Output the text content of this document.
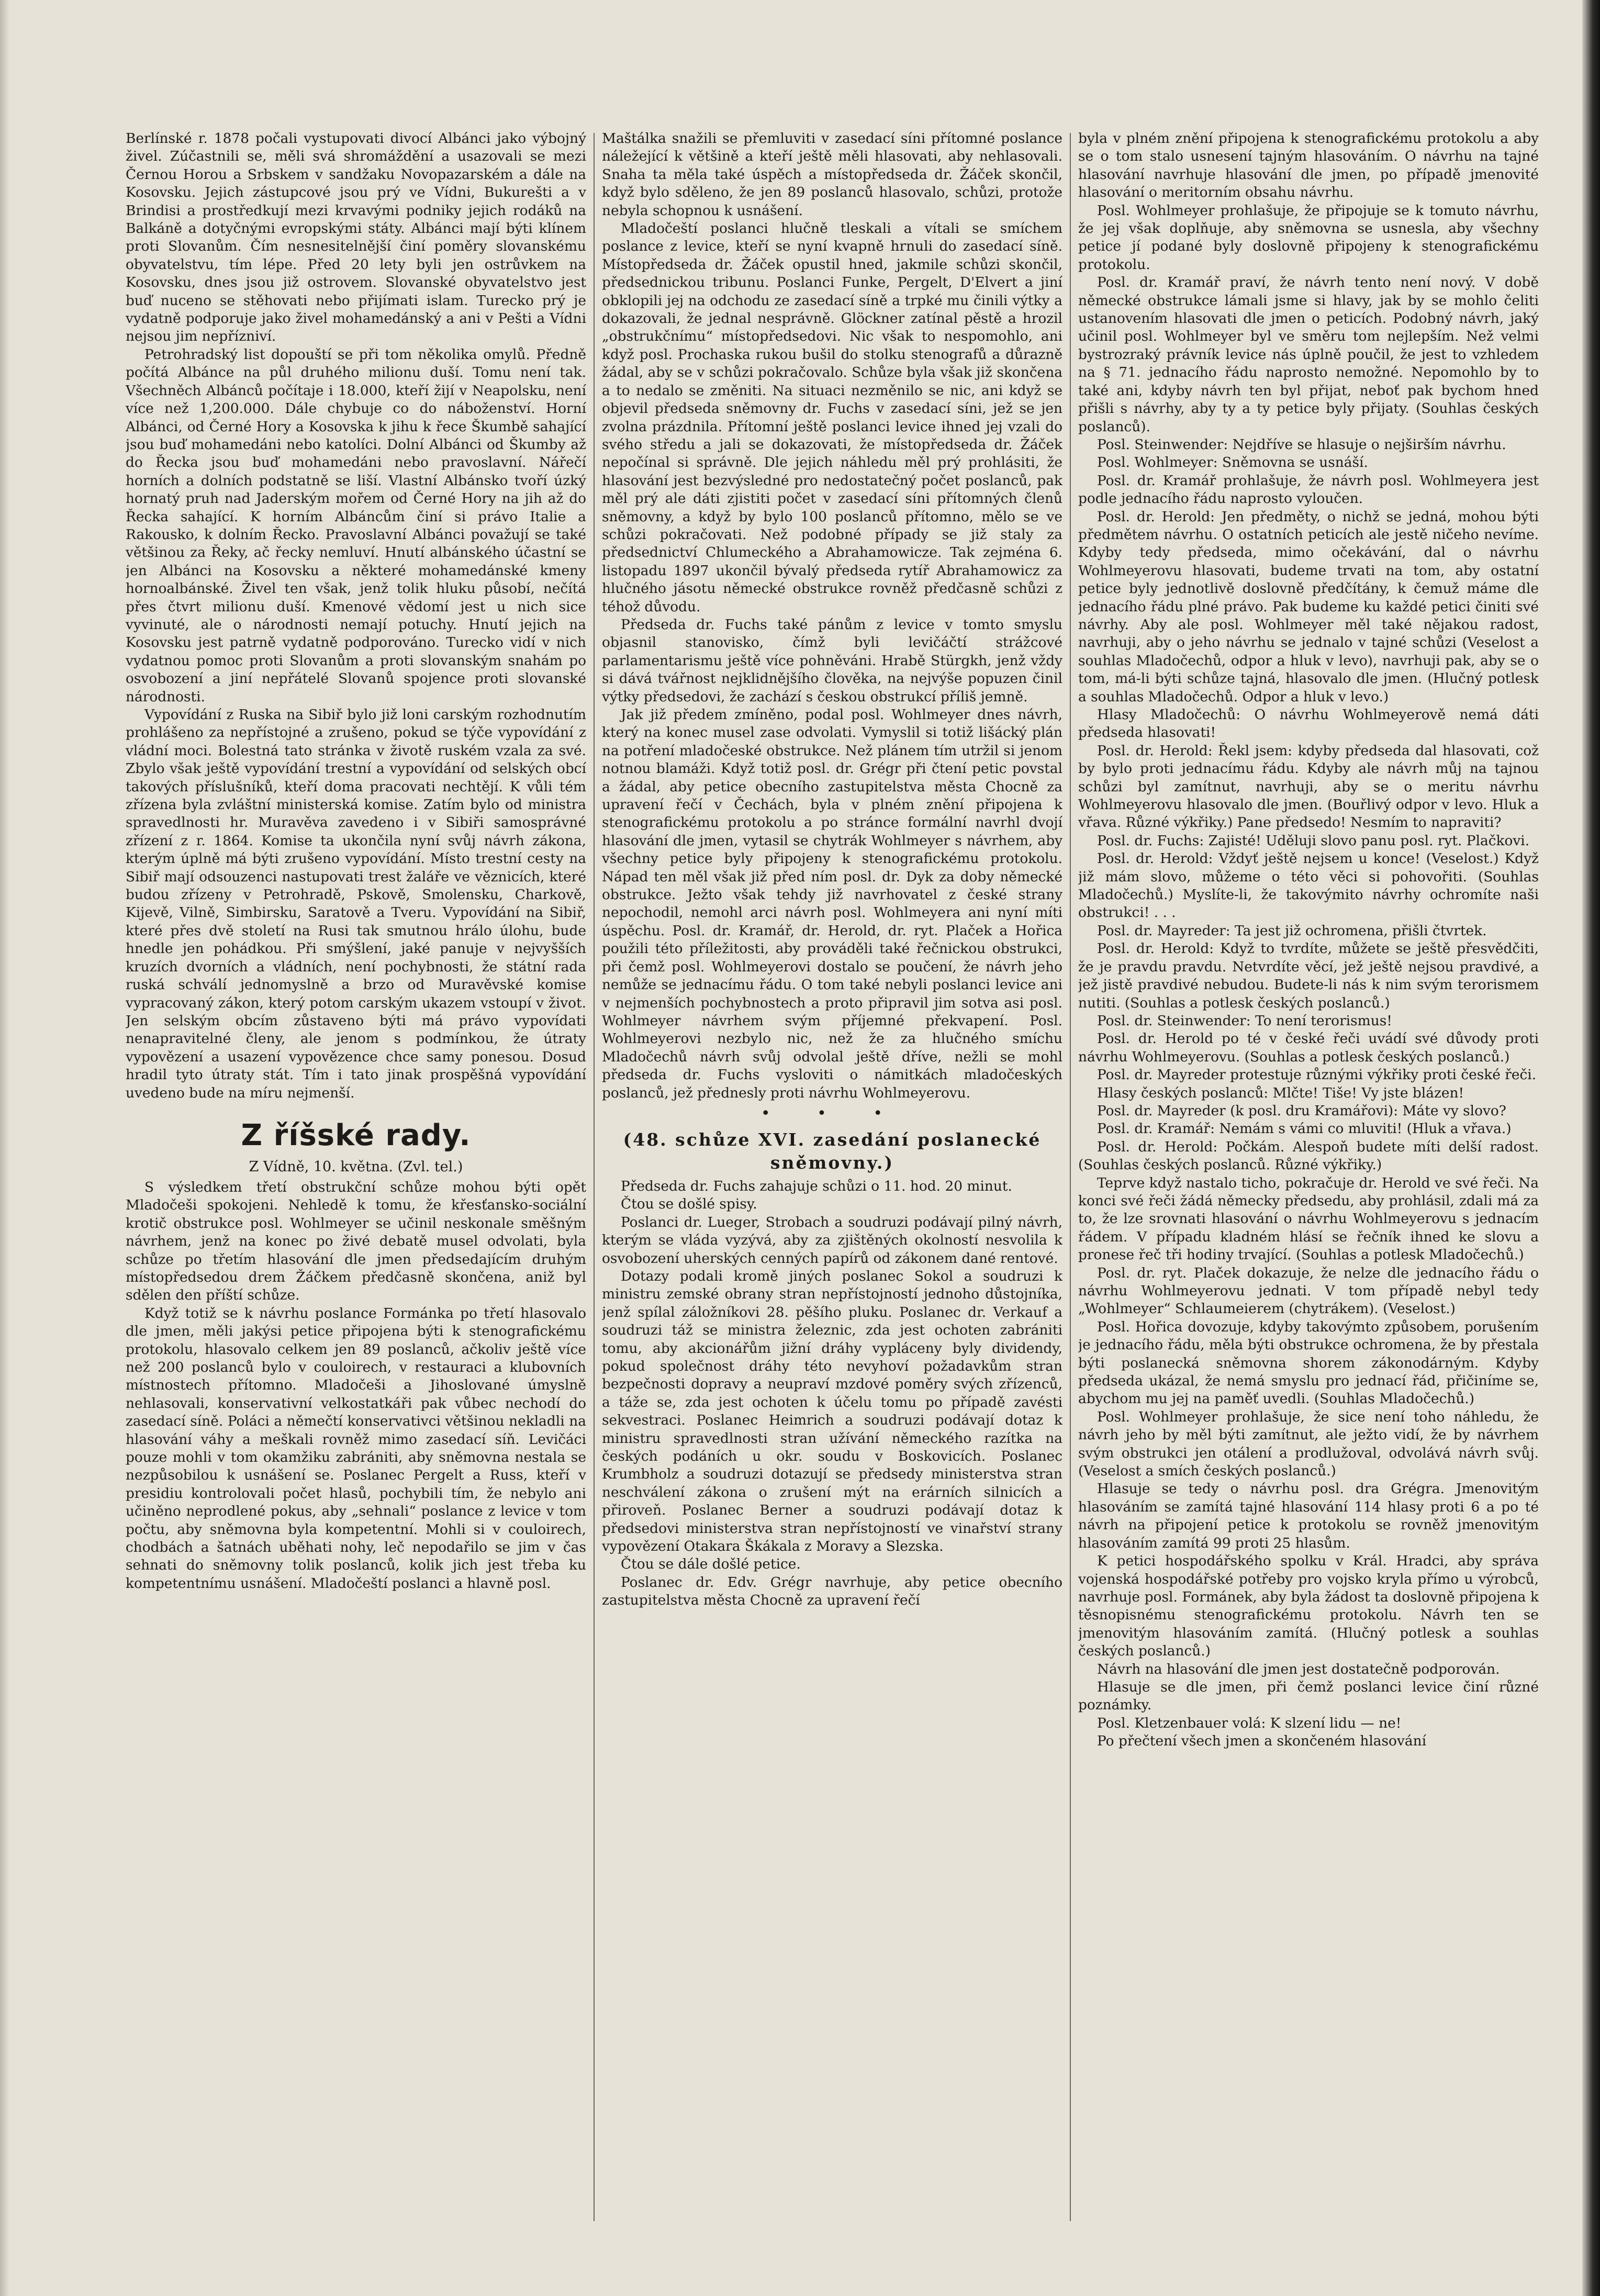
Berlínské r. 1878 počali vystupovati divocí Albánci jako výbojný živel. Zúčastnili se, měli svá shromáždění a usazovali se mezi Černou Horou a Srbskem v sandžaku Novopazarském a dále na Kosovsku. Jejich zástupcové jsou prý ve Vídni, Bukurešti a v Brindisi a prostředkují mezi krvavými podniky jejich rodáků na Balkáně a dotyčnými evropskými státy. Albánci mají býti klínem proti Slovanům. Čím nesnesitelnější činí poměry slovanskému obyvatelstvu, tím lépe. Před 20 lety byli jen ostrůvkem na Kosovsku, dnes jsou již ostrovem. Slovanské obyvatelstvo jest buď nuceno se stěhovati nebo přijímati islam. Turecko prý je vydatně podporuje jako živel mohamedánský a ani v Pešti a Vídni nejsou jim nepřízniví.

Petrohradský list dopouští se při tom několika omylů. Předně počítá Albánce na půl druhého milionu duší. Tomu není tak. Všechněch Albánců počítaje i 18.000, kteří žijí v Neapolsku, není více než 1,200.000. Dále chybuje co do náboženství. Horní Albánci, od Černé Hory a Kosovska k jihu k řece Škumbě sahající jsou buď mohamedáni nebo katolíci. Dolní Albánci od Škumby až do Řecka jsou buď mohamedáni nebo pravoslavní. Nářečí horních a dolních podstatně se liší. Vlastní Albánsko tvoří úzký hornatý pruh nad Jaderským mořem od Černé Hory na jih až do Řecka sahající. K horním Albáncům činí si právo Italie a Rakousko, k dolním Řecko. Pravoslavní Albánci považují se také většinou za Řeky, ač řecky nemluví. Hnutí albánského účastní se jen Albánci na Kosovsku a některé mohamedánské kmeny hornoalbánské. Živel ten však, jenž tolik hluku působí, nečítá přes čtvrt milionu duší. Kmenové vědomí jest u nich sice vyvinuté, ale o národnosti nemají potuchy. Hnutí jejich na Kosovsku jest patrně vydatně podporováno. Turecko vidí v nich vydatnou pomoc proti Slovanům a proti slovanským snahám po osvobození a jiní nepřátelé Slovanů spojence proti slovanské národnosti.

Vypovídání z Ruska na Sibiř bylo již loni carským rozhodnutím prohlášeno za nepřístojné a zrušeno, pokud se týče vypovídání z vládní moci. Bolestná tato stránka v životě ruském vzala za své. Zbylo však ještě vypovídání trestní a vypovídání od selských obcí takových příslušníků, kteří doma pracovati nechtějí. K vůli tém zřízena byla zvláštní ministerská komise. Zatím bylo od ministra spravedlnosti hr. Muravěva zavedeno i v Sibiři samosprávné zřízení z r. 1864. Komise ta ukončila nyní svůj návrh zákona, kterým úplně má býti zrušeno vypovídání. Místo trestní cesty na Sibiř mají odsouzenci nastupovati trest žaláře ve věznicích, které budou zřízeny v Petrohradě, Pskově, Smolensku, Charkově, Kijevě, Vilně, Simbirsku, Saratově a Tveru. Vypovídání na Sibiř, které přes dvě století na Rusi tak smutnou hrálo úlohu, bude hnedle jen pohádkou. Při smýšlení, jaké panuje v nejvyšších kruzích dvorních a vládních, není pochybnosti, že státní rada ruská schválí jednomyslně a brzo od Muravěvské komise vypracovaný zákon, který potom carským ukazem vstoupí v život. Jen selským obcím zůstaveno býti má právo vypovídati nenapravitelné členy, ale jenom s podmínkou, že útraty vypovězení a usazení vypovězence chce samy ponesou. Dosud hradil tyto útraty stát. Tím i tato jinak prospěšná vypovídání uvedeno bude na míru nejmenší.

Z říšské rady.
Z Vídně, 10. května. (Zvl. tel.)

S výsledkem třetí obstrukční schůze mohou býti opět Mladočeši spokojeni. Nehledě k tomu, že křesťansko-sociální krotič obstrukce posl. Wohlmeyer se učinil neskonale směšným návrhem, jenž na konec po živé debatě musel odvolati, byla schůze po třetím hlasování dle jmen předsedajícím druhým místopředsedou drem Žáčkem předčasně skončena, aniž byl sdělen den příští schůze.

Když totiž se k návrhu poslance Formánka po třetí hlasovalo dle jmen, měli jakýsi petice připojena býti k stenografickému protokolu, hlasovalo celkem jen 89 poslanců, ačkoliv ještě více než 200 poslanců bylo v couloirech, v restauraci a klubovních místnostech přítomno. Mladočeši a Jihoslované úmyslně nehlasovali, konservativní velkostatkáři pak vůbec nechodí do zasedací síně. Poláci a němečtí konservativci většinou nekladli na hlasování váhy a meškali rovněž mimo zasedací síň. Levičáci pouze mohli v tom okamžiku zabrániti, aby sněmovna nestala se nezpůsobilou k usnášení se. Poslanec Pergelt a Russ, kteří v presidiu kontrolovali počet hlasů, pochybili tím, že nebylo ani učiněno neprodlené pokus, aby „sehnali“ poslance z levice v tom počtu, aby sněmovna byla kompetentní. Mohli si v couloirech, chodbách a šatnách uběhati nohy, leč nepodařilo se jim v čas sehnati do sněmovny tolik poslanců, kolik jich jest třeba ku kompetentnímu usnášení. Mladočeští poslanci a hlavně posl.

Maštálka snažili se přemluviti v zasedací síni přítomné poslance náležející k většině a kteří ještě měli hlasovati, aby nehlasovali. Snaha ta měla také úspěch a místopředseda dr. Žáček skončil, když bylo sděleno, že jen 89 poslanců hlasovalo, schůzi, protože nebyla schopnou k usnášení.

Mladočeští poslanci hlučně tleskali a vítali se smíchem poslance z levice, kteří se nyní kvapně hrnuli do zasedací síně. Místopředseda dr. Žáček opustil hned, jakmile schůzi skončil, předsednickou tribunu. Poslanci Funke, Pergelt, D'Elvert a jiní obklopili jej na odchodu ze zasedací síně a trpké mu činili výtky a dokazovali, že jednal nesprávně. Glöckner zatínal pěstě a hrozil „obstrukčnímu“ místopředsedovi. Nic však to nespomohlo, ani když posl. Prochaska rukou bušil do stolku stenografů a důrazně žádal, aby se v schůzi pokračovalo. Schůze byla však již skončena a to nedalo se změniti. Na situaci nezměnilo se nic, ani když se objevil předseda sněmovny dr. Fuchs v zasedací síni, jež se jen zvolna prázdnila. Přítomní ještě poslanci levice ihned jej vzali do svého středu a jali se dokazovati, že místopředseda dr. Žáček nepočínal si správně. Dle jejich náhledu měl prý prohlásiti, že hlasování jest bezvýsledné pro nedostatečný počet poslanců, pak měl prý ale dáti zjistiti počet v zasedací síni přítomných členů sněmovny, a když by bylo 100 poslanců přítomno, mělo se ve schůzi pokračovati. Než podobné případy se již staly za předsednictví Chlumeckého a Abrahamowicze. Tak zejména 6. listopadu 1897 ukončil bývalý předseda rytíř Abrahamowicz za hlučného jásotu německé obstrukce rovněž předčasně schůzi z téhož důvodu.

Předseda dr. Fuchs také pánům z levice v tomto smyslu objasnil stanovisko, čímž byli levičáčtí strážcové parlamentarismu ještě více pohněváni. Hrabě Stürgkh, jenž vždy si dává tvářnost nejklidnějšího člověka, na nejvýše popuzen činil výtky předsedovi, že zachází s českou obstrukcí příliš jemně.

Jak již předem zmíněno, podal posl. Wohlmeyer dnes návrh, který na konec musel zase odvolati. Vymyslil si totiž lišácký plán na potření mladočeské obstrukce. Než plánem tím utržil si jenom notnou blamáži. Když totiž posl. dr. Grégr při čtení petic povstal a žádal, aby petice obecního zastupitelstva města Chocně za upravení řečí v Čechách, byla v plném znění připojena k stenografickému protokolu a po stránce formální navrhl dvojí hlasování dle jmen, vytasil se chytrák Wohlmeyer s návrhem, aby všechny petice byly připojeny k stenografickému protokolu. Nápad ten měl však již před ním posl. dr. Dyk za doby německé obstrukce. Ježto však tehdy již navrhovatel z české strany nepochodil, nemohl arci návrh posl. Wohlmeyera ani nyní míti úspěchu. Posl. dr. Kramář, dr. Herold, dr. ryt. Plaček a Hořica použili této příležitosti, aby prováděli také řečnickou obstrukci, při čemž posl. Wohlmeyerovi dostalo se poučení, že návrh jeho nemůže se jednacímu řádu. O tom také nebyli poslanci levice ani v nejmenších pochybnostech a proto připravil jim sotva asi posl. Wohlmeyer návrhem svým příjemné překvapení. Posl. Wohlmeyerovi nezbylo nic, než že za hlučného smíchu Mladočechů návrh svůj odvolal ještě dříve, nežli se mohl předseda dr. Fuchs vysloviti o námitkách mladočeských poslanců, jež přednesly proti návrhu Wohlmeyerovu.

• • •
(48. schůze XVI. zasedání poslanecké sněmovny.)

Předseda dr. Fuchs zahajuje schůzi o 11. hod. 20 minut.

Čtou se došlé spisy.

Poslanci dr. Lueger, Strobach a soudruzi podávají pilný návrh, kterým se vláda vyzývá, aby za zjištěných okolností nesvolila k osvobození uherských cenných papírů od zákonem dané rentové.

Dotazy podali kromě jiných poslanec Sokol a soudruzi k ministru zemské obrany stran nepřístojností jednoho důstojníka, jenž spílal záložníkovi 28. pěšího pluku. Poslanec dr. Verkauf a soudruzi táž se ministra železnic, zda jest ochoten zabrániti tomu, aby akcionářům jižní dráhy vypláceny byly dividendy, pokud společnost dráhy této nevyhoví požadavkům stran bezpečnosti dopravy a neupraví mzdové poměry svých zřízenců, a táže se, zda jest ochoten k účelu tomu po případě zavésti sekvestraci. Poslanec Heimrich a soudruzi podávají dotaz k ministru spravedlnosti stran užívání německého razítka na českých podáních u okr. soudu v Boskovicích. Poslanec Krumbholz a soudruzi dotazují se předsedy ministerstva stran neschválení zákona o zrušení mýt na erárních silnicích a přiroveň. Poslanec Berner a soudruzi podávají dotaz k předsedovi ministerstva stran nepřístojností ve vinařství strany vypovězení Otakara Škákala z Moravy a Slezska.

Čtou se dále došlé petice.

Poslanec dr. Edv. Grégr navrhuje, aby petice obecního zastupitelstva města Chocně za upravení řečí

byla v plném znění připojena k stenografickému protokolu a aby se o tom stalo usnesení tajným hlasováním. O návrhu na tajné hlasování navrhuje hlasování dle jmen, po případě jmenovité hlasování o meritorním obsahu návrhu.

Posl. Wohlmeyer prohlašuje, že připojuje se k tomuto návrhu, že jej však doplňuje, aby sněmovna se usnesla, aby všechny petice jí podané byly doslovně připojeny k stenografickému protokolu.

Posl. dr. Kramář praví, že návrh tento není nový. V době německé obstrukce lámali jsme si hlavy, jak by se mohlo čeliti ustanovením hlasovati dle jmen o peticích. Podobný návrh, jaký učinil posl. Wohlmeyer byl ve směru tom nejlepším. Než velmi bystrozraký právník levice nás úplně poučil, že jest to vzhledem na § 71. jednacího řádu naprosto nemožné. Nepomohlo by to také ani, kdyby návrh ten byl přijat, neboť pak bychom hned přišli s návrhy, aby ty a ty petice byly přijaty. (Souhlas českých poslanců).

Posl. Steinwender: Nejdříve se hlasuje o nejširším návrhu.

Posl. Wohlmeyer: Sněmovna se usnáší.

Posl. dr. Kramář prohlašuje, že návrh posl. Wohlmeyera jest podle jednacího řádu naprosto vyloučen.

Posl. dr. Herold: Jen předměty, o nichž se jedná, mohou býti předmětem návrhu. O ostatních peticích ale jestě ničeho nevíme. Kdyby tedy předseda, mimo očekávání, dal o návrhu Wohlmeyerovu hlasovati, budeme trvati na tom, aby ostatní petice byly jednotlivě doslovně předčítány, k čemuž máme dle jednacího řádu plné právo. Pak budeme ku každé petici činiti své návrhy. Aby ale posl. Wohlmeyer měl také nějakou radost, navrhuji, aby o jeho návrhu se jednalo v tajné schůzi (Veselost a souhlas Mladočechů, odpor a hluk v levo), navrhuji pak, aby se o tom, má-li býti schůze tajná, hlasovalo dle jmen. (Hlučný potlesk a souhlas Mladočechů. Odpor a hluk v levo.)

Hlasy Mladočechů: O návrhu Wohlmeyerově nemá dáti předseda hlasovati!

Posl. dr. Herold: Řekl jsem: kdyby předseda dal hlasovati, což by bylo proti jednacímu řádu. Kdyby ale návrh můj na tajnou schůzi byl zamítnut, navrhuji, aby se o meritu návrhu Wohlmeyerovu hlasovalo dle jmen. (Bouřlivý odpor v levo. Hluk a vřava. Různé výkřiky.) Pane předsedo! Nesmím to napraviti?

Posl. dr. Fuchs: Zajisté! Uděluji slovo panu posl. ryt. Plačkovi.

Posl. dr. Herold: Vždyť ještě nejsem u konce! (Veselost.) Když již mám slovo, můžeme o této věci si pohovořiti. (Souhlas Mladočechů.) Myslíte-li, že takovýmito návrhy ochromíte naši obstrukci! . . .

Posl. dr. Mayreder: Ta jest již ochromena, přišli čtvrtek.

Posl. dr. Herold: Když to tvrdíte, můžete se ještě přesvědčiti, že je pravdu pravdu. Netvrdíte věcí, jež ještě nejsou pravdivé, a jež jistě pravdivé nebudou. Budete-li nás k nim svým terorismem nutiti. (Souhlas a potlesk českých poslanců.)

Posl. dr. Steinwender: To není terorismus!

Posl. dr. Herold po té v české řeči uvádí své důvody proti návrhu Wohlmeyerovu. (Souhlas a potlesk českých poslanců.)

Posl. dr. Mayreder protestuje různými výkřiky proti české řeči.

Hlasy českých poslanců: Mlčte! Tiše! Vy jste blázen!

Posl. dr. Mayreder (k posl. dru Kramářovi): Máte vy slovo?

Posl. dr. Kramář: Nemám s vámi co mluviti! (Hluk a vřava.)

Posl. dr. Herold: Počkám. Alespoň budete míti delší radost. (Souhlas českých poslanců. Různé výkřiky.)

Teprve když nastalo ticho, pokračuje dr. Herold ve své řeči. Na konci své řeči žádá německy předsedu, aby prohlásil, zdali má za to, že lze srovnati hlasování o návrhu Wohlmeyerovu s jednacím řádem. V případu kladném hlásí se řečník ihned ke slovu a pronese řeč tři hodiny trvající. (Souhlas a potlesk Mladočechů.)

Posl. dr. ryt. Plaček dokazuje, že nelze dle jednacího řádu o návrhu Wohlmeyerovu jednati. V tom případě nebyl tedy „Wohlmeyer“ Schlaumeierem (chytrákem). (Veselost.)

Posl. Hořica dovozuje, kdyby takovýmto způsobem, porušením je jednacího řádu, měla býti obstrukce ochromena, že by přestala býti poslanecká sněmovna shorem zákonodárným. Kdyby předseda ukázal, že nemá smyslu pro jednací řád, přičiníme se, abychom mu jej na paměť uvedli. (Souhlas Mladočechů.)

Posl. Wohlmeyer prohlašuje, že sice není toho náhledu, že návrh jeho by měl býti zamítnut, ale ježto vidí, že by návrhem svým obstrukci jen otálení a prodlužoval, odvolává návrh svůj. (Veselost a smích českých poslanců.)

Hlasuje se tedy o návrhu posl. dra Grégra. Jmenovitým hlasováním se zamítá tajné hlasování 114 hlasy proti 6 a po té návrh na připojení petice k protokolu se rovněž jmenovitým hlasováním zamítá 99 proti 25 hlasům.

K petici hospodářského spolku v Král. Hradci, aby správa vojenská hospodářské potřeby pro vojsko kryla přímo u výrobců, navrhuje posl. Formánek, aby byla žádost ta doslovně připojena k těsnopisnému stenografickému protokolu. Návrh ten se jmenovitým hlasováním zamítá. (Hlučný potlesk a souhlas českých poslanců.)

Návrh na hlasování dle jmen jest dostatečně podporován.

Hlasuje se dle jmen, při čemž poslanci levice činí různé poznámky.

Posl. Kletzenbauer volá: K slzení lidu — ne!

Po přečtení všech jmen a skončeném hlasování
